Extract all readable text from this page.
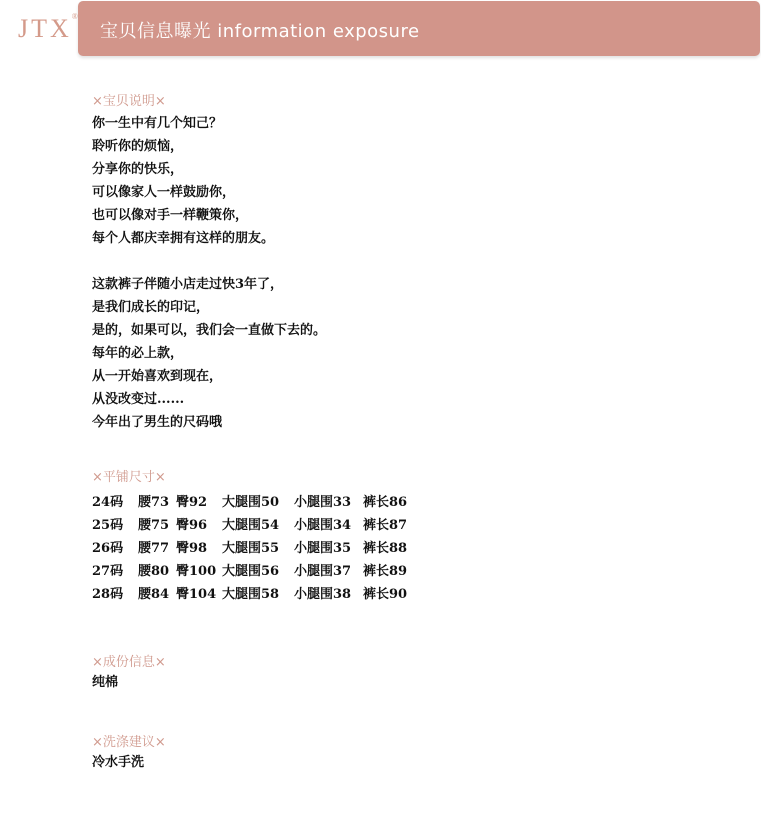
JTX®
宝贝信息曝光 information exposure
×宝贝说明×
你一生中有几个知己？
聆听你的烦恼，
分享你的快乐，
可以像家人一样鼓励你，
也可以像对手一样鞭策你，
每个人都庆幸拥有这样的朋友。
这款裤子伴随小店走过快3年了，
是我们成长的印记，
是的，如果可以，我们会一直做下去的。
每年的必上款，
从一开始喜欢到现在，
从没改变过......
今年出了男生的尺码哦
×平铺尺寸×
24码	腰73	臀92	大腿围50	小腿围33	裤长86
25码	腰75	臀96	大腿围54	小腿围34	裤长87
26码	腰77	臀98	大腿围55	小腿围35	裤长88
27码	腰80	臀100	大腿围56	小腿围37	裤长89
28码	腰84	臀104	大腿围58	小腿围38	裤长90
×成份信息×
纯棉
×洗涤建议×
冷水手洗
